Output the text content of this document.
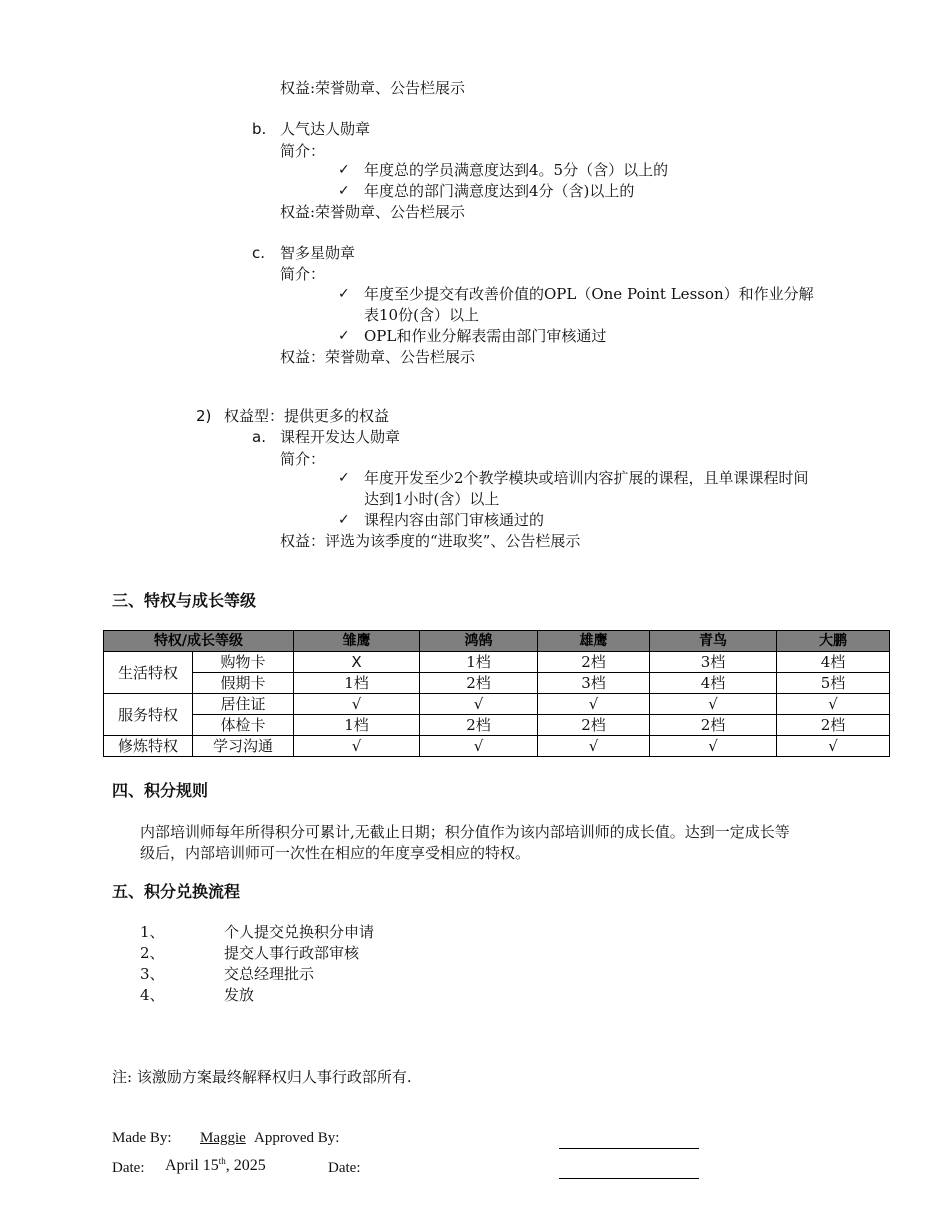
权益:荣誉勋章、公告栏展示
b. 人气达人勋章
简介：
✓ 年度总的学员满意度达到4。5分（含）以上的
✓ 年度总的部门满意度达到4分（含)以上的
权益:荣誉勋章、公告栏展示
c. 智多星勋章
简介：
✓ 年度至少提交有改善价值的OPL（One Point Lesson）和作业分解
表10份(含）以上
✓ OPL和作业分解表需由部门审核通过
权益：荣誉勋章、公告栏展示
2) 权益型：提供更多的权益
a. 课程开发达人勋章
简介：
✓ 年度开发至少2个教学模块或培训内容扩展的课程，且单课课程时间
达到1小时(含）以上
✓ 课程内容由部门审核通过的
权益：评选为该季度的“进取奖”、公告栏展示
三、特权与成长等级
特权/成长等级		雏鹰	鸿鹄	雄鹰	青鸟	大鹏
生活特权	购物卡	X	1档	2档	3档	4档
	假期卡	1档	2档	3档	4档	5档
服务特权	居住证	√	√	√	√	√
	体检卡	1档	2档	2档	2档	2档
修炼特权	学习沟通	√	√	√	√	√
四、积分规则
内部培训师每年所得积分可累计,无截止日期；积分值作为该内部培训师的成长值。达到一定成长等
级后，内部培训师可一次性在相应的年度享受相应的特权。
五、积分兑换流程
1、	个人提交兑换积分申请
2、	提交人事行政部审核
3、	交总经理批示
4、	发放
注: 该激励方案最终解释权归人事行政部所有.
Made By: Maggie Approved By:
Date: April 15th, 2025	Date:
